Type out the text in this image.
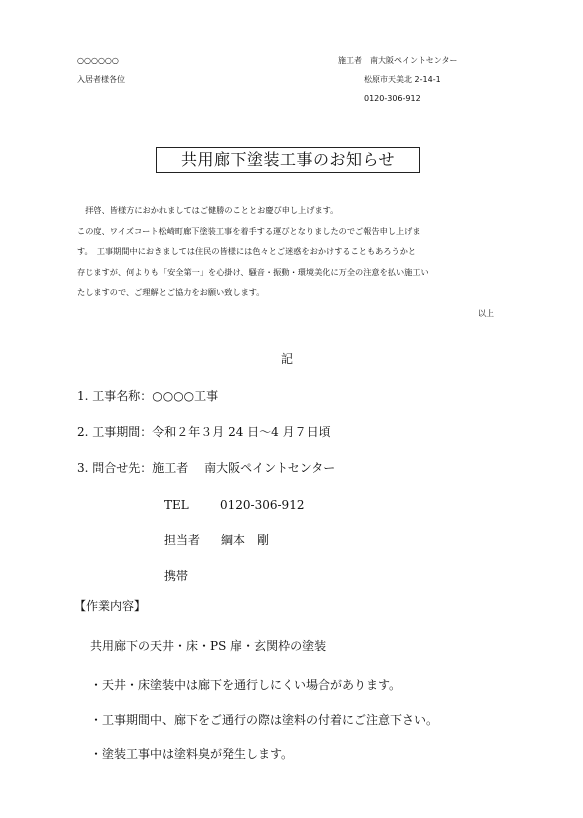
○○○○○○
入居者様各位
施工者　南大阪ペイントセンター
松原市天美北 2-14-1
0120-306-912
共用廊下塗装工事のお知らせ

　拝啓、皆様方におかれましてはご健勝のこととお慶び申し上げます。

この度、ワイズコート松崎町廊下塗装工事を着手する運びとなりましたのでご報告申し上げま

す。　工事期間中におきましては住民の皆様には色々とご迷惑をおかけすることもあろうかと

存じますが、何よりも「安全第一」を心掛け、騒音・振動・環境美化に万全の注意を払い施工い

たしますので、ご理解とご協力をお願い致します。

以上
記
1. 工事名称：○○○○工事
2. 工事期間：令和２年３月 24 日～4 月７日頃
3. 問合せ先：施工者　 南大阪ペイントセンター
TEL	0120-306-912
担当者 綱本　剛
携帯
【作業内容】
共用廊下の天井・床・PS 扉・玄関枠の塗装
・天井・床塗装中は廊下を通行しにくい場合があります。
・工事期間中、廊下をご通行の際は塗料の付着にご注意下さい。
・塗装工事中は塗料臭が発生します。
